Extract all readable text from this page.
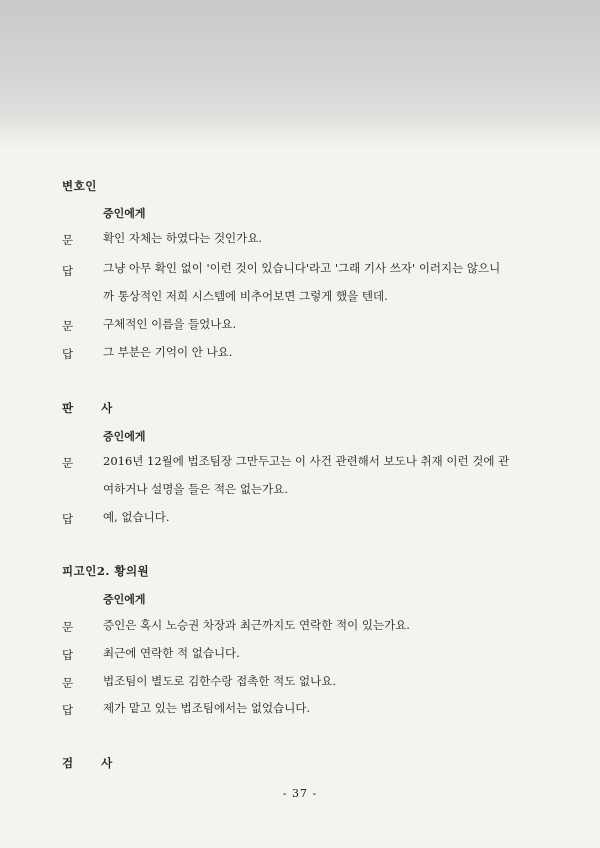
변호인
증인에게
문	확인 자체는 하였다는 것인가요.
답	그냥 아무 확인 없이 '이런 것이 있습니다'라고 '그래 기사 쓰자' 이러지는 않으니
까 통상적인 저희 시스템에 비추어보면 그렇게 했을 텐데.
문	구체적인 이름을 들었나요.
답	그 부분은 기억이 안 나요.
판 사
증인에게
문	2016년 12월에 법조팀장 그만두고는 이 사건 관련해서 보도나 취재 이런 것에 관
여하거나 설명을 들은 적은 없는가요.
답	예, 없습니다.
피고인2. 황의원
증인에게
문	증인은 혹시 노승권 차장과 최근까지도 연락한 적이 있는가요.
답	최근에 연락한 적 없습니다.
문	법조팀이 별도로 김한수랑 접촉한 적도 없나요.
답	제가 맡고 있는 법조팀에서는 없었습니다.
검 사
- 37 -
